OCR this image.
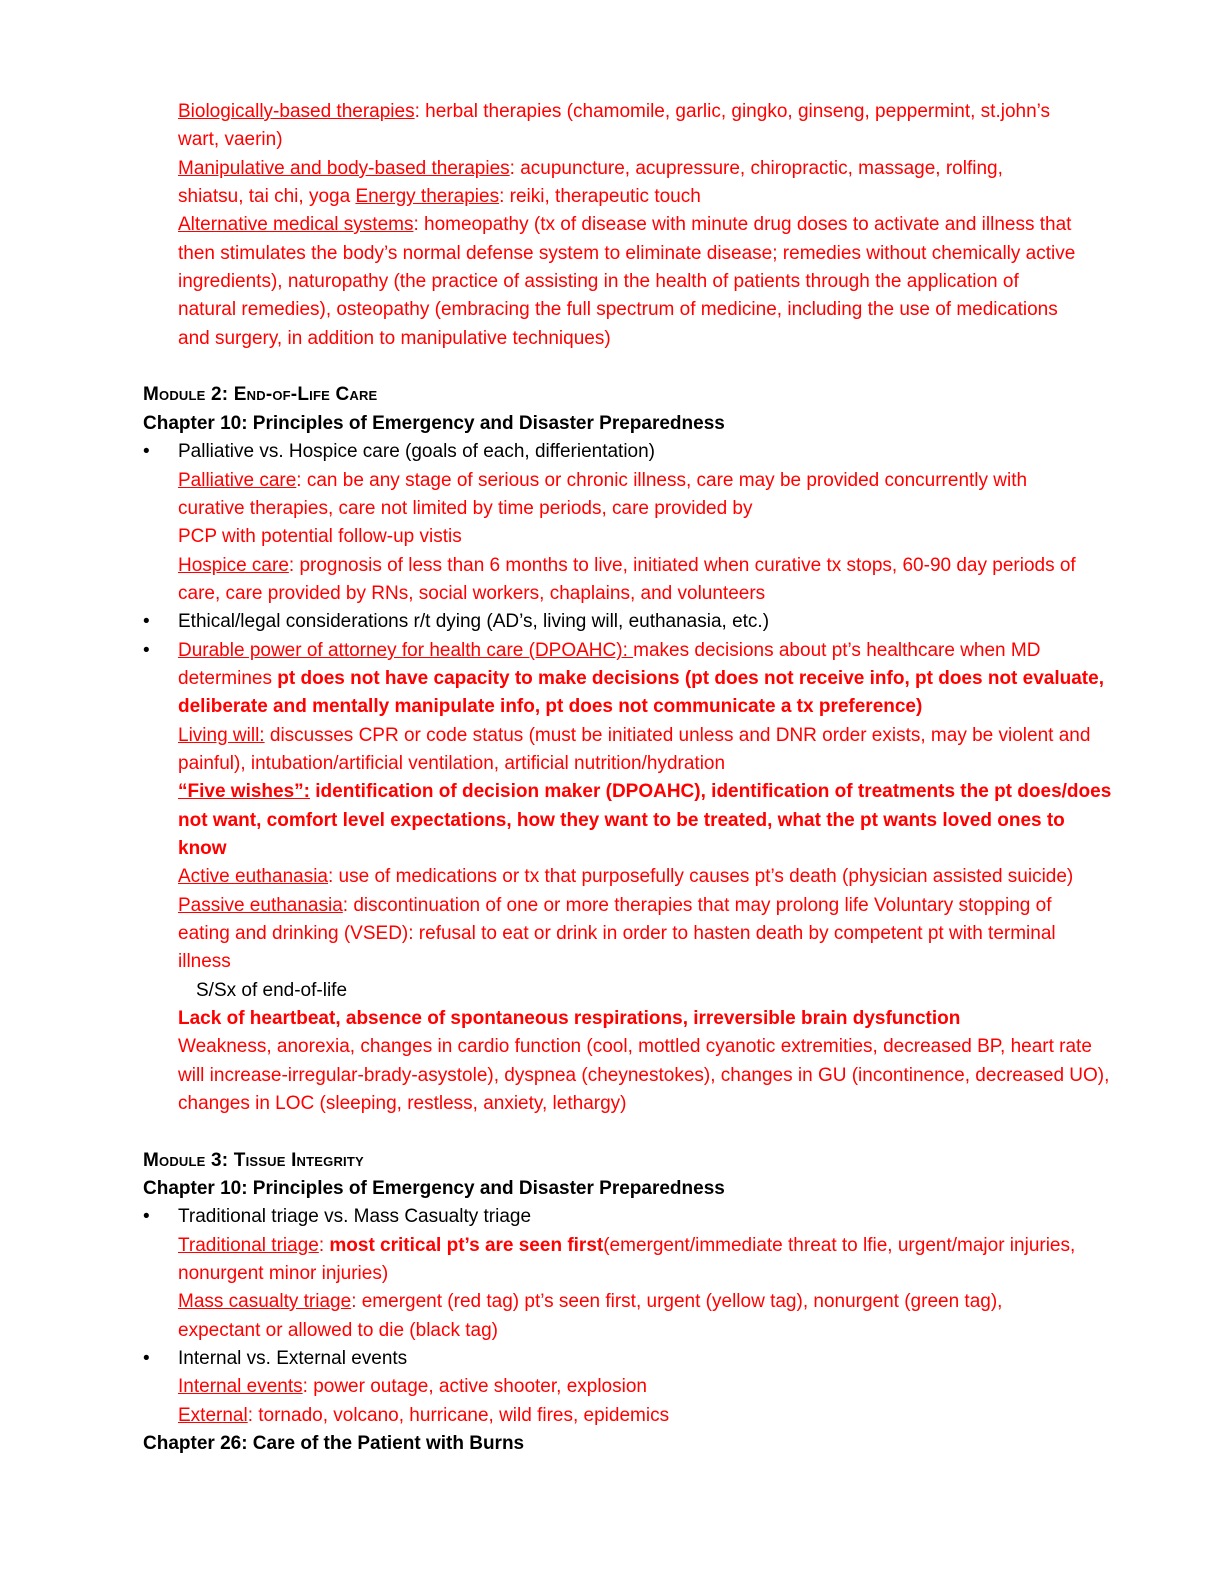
Biologically-based therapies: herbal therapies (chamomile, garlic, gingko, ginseng, peppermint, st.john’s
wart, vaerin)
Manipulative and body-based therapies: acupuncture, acupressure, chiropractic, massage, rolfing,
shiatsu, tai chi, yoga Energy therapies: reiki, therapeutic touch
Alternative medical systems: homeopathy (tx of disease with minute drug doses to activate and illness that
then stimulates the body’s normal defense system to eliminate disease; remedies without chemically active
ingredients), naturopathy (the practice of assisting in the health of patients through the application of
natural remedies), osteopathy (embracing the full spectrum of medicine, including the use of medications
and surgery, in addition to manipulative techniques)
Module 2: End-of-Life Care
Chapter 10: Principles of Emergency and Disaster Preparedness
• Palliative vs. Hospice care (goals of each, differientation)
Palliative care: can be any stage of serious or chronic illness, care may be provided concurrently with
curative therapies, care not limited by time periods, care provided by
PCP with potential follow-up vistis
Hospice care: prognosis of less than 6 months to live, initiated when curative tx stops, 60-90 day periods of
care, care provided by RNs, social workers, chaplains, and volunteers
• Ethical/legal considerations r/t dying (AD’s, living will, euthanasia, etc.)
• Durable power of attorney for health care (DPOAHC): makes decisions about pt’s healthcare when MD
determines pt does not have capacity to make decisions (pt does not receive info, pt does not evaluate,
deliberate and mentally manipulate info, pt does not communicate a tx preference)
Living will: discusses CPR or code status (must be initiated unless and DNR order exists, may be violent and
painful), intubation/artificial ventilation, artificial nutrition/hydration
“Five wishes”: identification of decision maker (DPOAHC), identification of treatments the pt does/does
not want, comfort level expectations, how they want to be treated, what the pt wants loved ones to
know
Active euthanasia: use of medications or tx that purposefully causes pt’s death (physician assisted suicide)
Passive euthanasia: discontinuation of one or more therapies that may prolong life Voluntary stopping of
eating and drinking (VSED): refusal to eat or drink in order to hasten death by competent pt with terminal
illness
S/Sx of end-of-life
Lack of heartbeat, absence of spontaneous respirations, irreversible brain dysfunction
Weakness, anorexia, changes in cardio function (cool, mottled cyanotic extremities, decreased BP, heart rate
will increase-irregular-brady-asystole), dyspnea (cheynestokes), changes in GU (incontinence, decreased UO),
changes in LOC (sleeping, restless, anxiety, lethargy)
Module 3: Tissue Integrity
Chapter 10: Principles of Emergency and Disaster Preparedness
• Traditional triage vs. Mass Casualty triage
Traditional triage: most critical pt’s are seen first(emergent/immediate threat to lfie, urgent/major injuries,
nonurgent minor injuries)
Mass casualty triage: emergent (red tag) pt’s seen first, urgent (yellow tag), nonurgent (green tag),
expectant or allowed to die (black tag)
• Internal vs. External events
Internal events: power outage, active shooter, explosion
External: tornado, volcano, hurricane, wild fires, epidemics
Chapter 26: Care of the Patient with Burns
